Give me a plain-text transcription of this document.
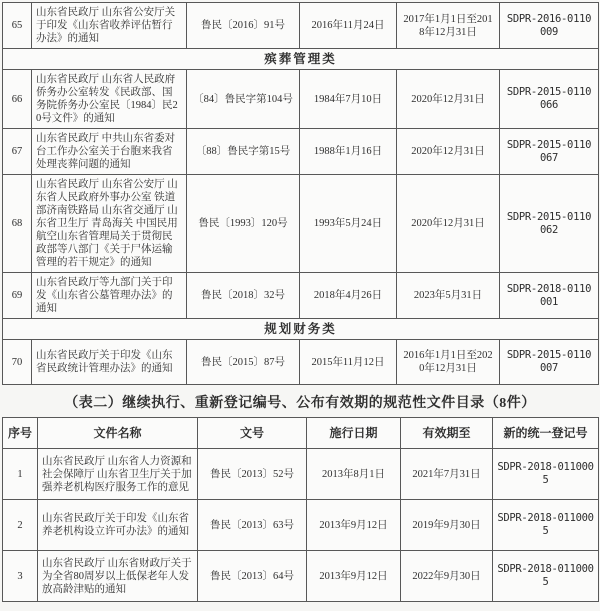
65	山东省民政厅 山东省公安厅关于印发《山东省收养评估暂行办法》的通知	鲁民〔2016〕91号	2016年11月24日	2017年1月1日至2018年12月31日	SDPR-2016-0110009
殡葬管理类					
66	山东省民政厅 山东省人民政府侨务办公室转发《民政部、国务院侨务办公室民〔1984〕民20号文件》的通知	〔84〕鲁民字第104号	1984年7月10日	2020年12月31日	SDPR-2015-0110066
67	山东省民政厅 中共山东省委对台工作办公室关于台胞来我省处理丧葬问题的通知	〔88〕鲁民字第15号	1988年1月16日	2020年12月31日	SDPR-2015-0110067
68	山东省民政厅 山东省公安厅 山东省人民政府外事办公室 铁道部济南铁路局 山东省交通厅 山东省卫生厅 青岛海关 中国民用航空山东省管理局关于贯彻民政部等八部门《关于尸体运输管理的若干规定》的通知	鲁民〔1993〕120号	1993年5月24日	2020年12月31日	SDPR-2015-0110062
69	山东省民政厅等九部门关于印发《山东省公墓管理办法》的通知	鲁民〔2018〕32号	2018年4月26日	2023年5月31日	SDPR-2018-0110001
规划财务类					
70	山东省民政厅关于印发《山东省民政统计管理办法》的通知	鲁民〔2015〕87号	2015年11月12日	2016年1月1日至2020年12月31日	SDPR-2015-0110007
（表二）继续执行、重新登记编号、公布有效期的规范性文件目录（8件）
序号	文件名称	文号	施行日期	有效期至	新的统一登记号
1	山东省民政厅 山东省人力资源和社会保障厅 山东省卫生厅关于加强养老机构医疗服务工作的意见	鲁民〔2013〕52号	2013年8月1日	2021年7月31日	SDPR-2018-0110005
2	山东省民政厅关于印发《山东省养老机构设立许可办法》的通知	鲁民〔2013〕63号	2013年9月12日	2019年9月30日	SDPR-2018-0110005
3	山东省民政厅 山东省财政厅关于为全省80周岁以上低保老年人发放高龄津贴的通知	鲁民〔2013〕64号	2013年9月12日	2022年9月30日	SDPR-2018-0110005
